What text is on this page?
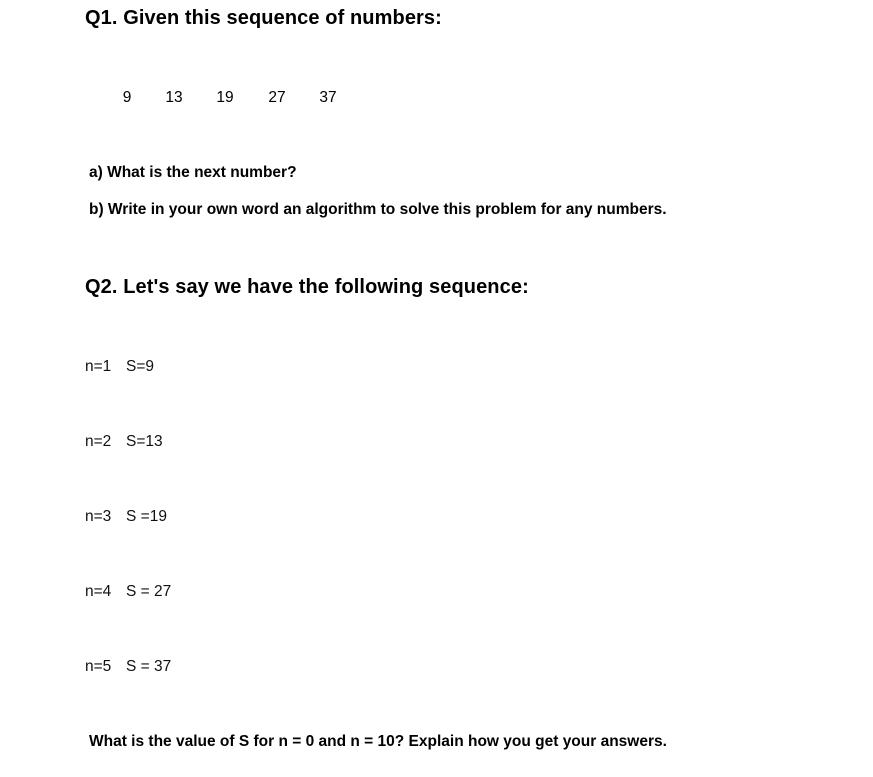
Q1. Given this sequence of numbers:
9	13	19	27	37
a) What is the next number?
b) Write in your own word an algorithm to solve this problem for any numbers.
Q2. Let's say we have the following sequence:
n=1 S=9
n=2 S=13
n=3 S =19
n=4 S = 27
n=5 S = 37
What is the value of S for n = 0 and n = 10? Explain how you get your answers.
